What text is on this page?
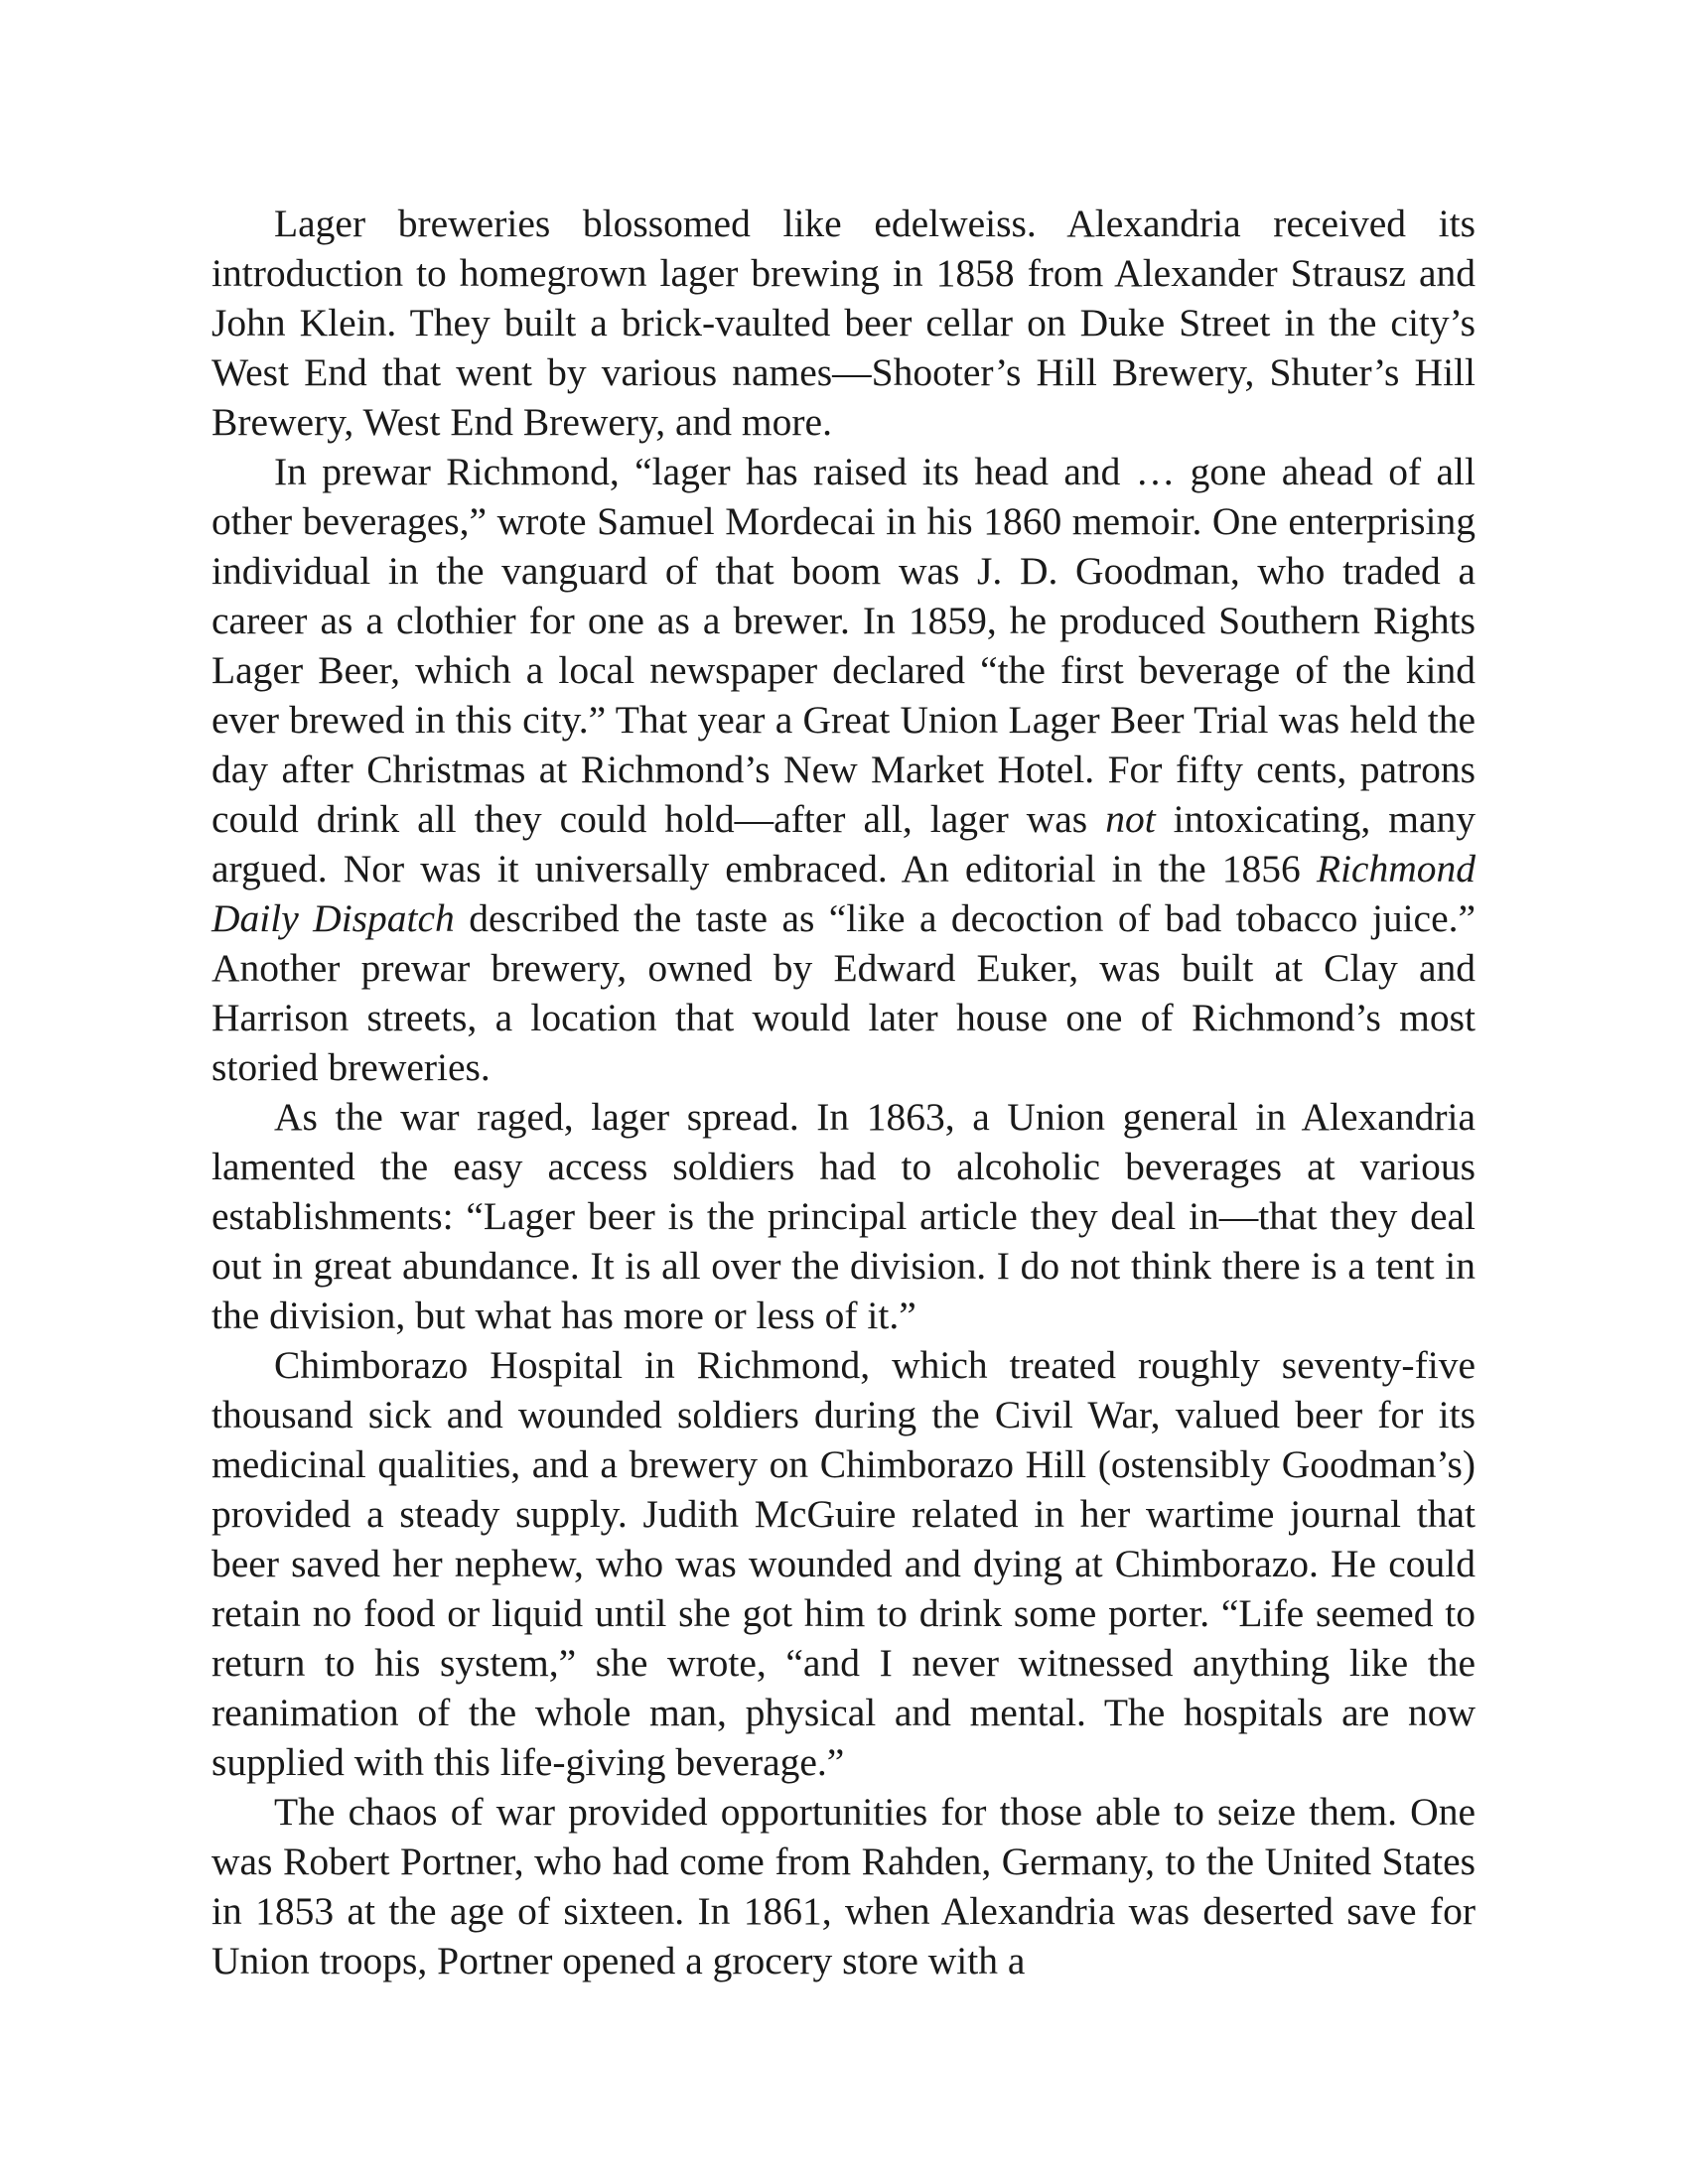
Lager breweries blossomed like edelweiss. Alexandria received its introduction to homegrown lager brewing in 1858 from Alexander Strausz and John Klein. They built a brick-vaulted beer cellar on Duke Street in the city’s West End that went by various names—Shooter’s Hill Brewery, Shuter’s Hill Brewery, West End Brewery, and more.

In prewar Richmond, “lager has raised its head and … gone ahead of all other beverages,” wrote Samuel Mordecai in his 1860 memoir. One enterprising individual in the vanguard of that boom was J. D. Goodman, who traded a career as a clothier for one as a brewer. In 1859, he produced Southern Rights Lager Beer, which a local newspaper declared “the first beverage of the kind ever brewed in this city.” That year a Great Union Lager Beer Trial was held the day after Christmas at Richmond’s New Market Hotel. For fifty cents, patrons could drink all they could hold—after all, lager was not intoxicating, many argued. Nor was it universally embraced. An editorial in the 1856 Richmond Daily Dispatch described the taste as “like a decoction of bad tobacco juice.” Another prewar brewery, owned by Edward Euker, was built at Clay and Harrison streets, a location that would later house one of Richmond’s most storied breweries.

As the war raged, lager spread. In 1863, a Union general in Alexandria lamented the easy access soldiers had to alcoholic beverages at various establishments: “Lager beer is the principal article they deal in—that they deal out in great abundance. It is all over the division. I do not think there is a tent in the division, but what has more or less of it.”

Chimborazo Hospital in Richmond, which treated roughly seventy-five thousand sick and wounded soldiers during the Civil War, valued beer for its medicinal qualities, and a brewery on Chimborazo Hill (ostensibly Goodman’s) provided a steady supply. Judith McGuire related in her wartime journal that beer saved her nephew, who was wounded and dying at Chimborazo. He could retain no food or liquid until she got him to drink some porter. “Life seemed to return to his system,” she wrote, “and I never witnessed anything like the reanimation of the whole man, physical and mental. The hospitals are now supplied with this life-giving beverage.”

The chaos of war provided opportunities for those able to seize them. One was Robert Portner, who had come from Rahden, Germany, to the United States in 1853 at the age of sixteen. In 1861, when Alexandria was deserted save for Union troops, Portner opened a grocery store with a
